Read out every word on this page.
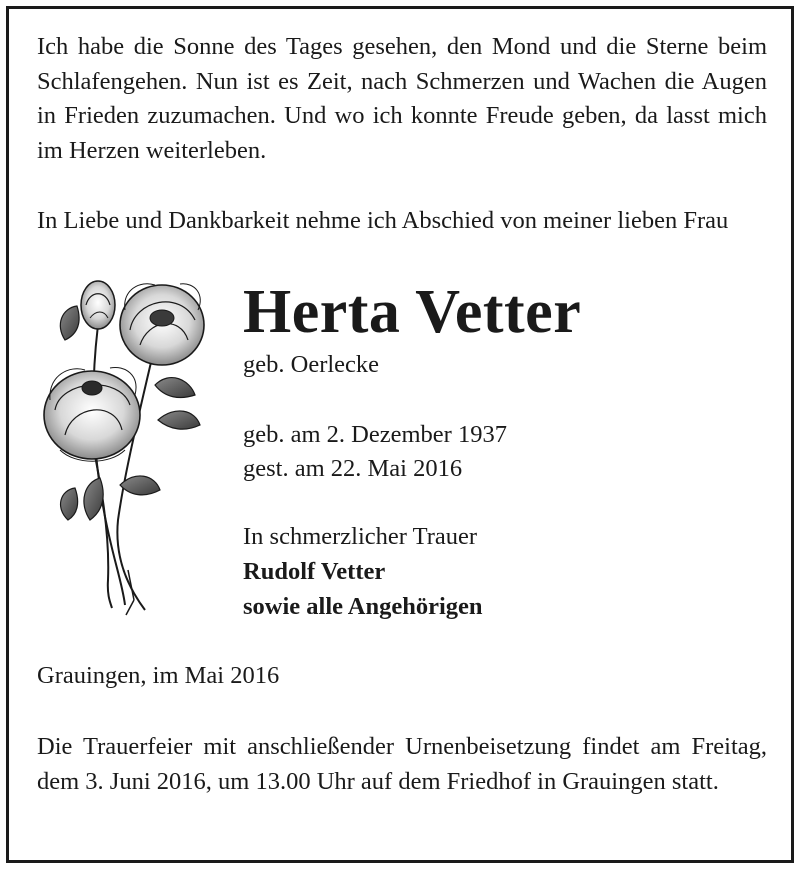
Ich habe die Sonne des Tages gesehen, den Mond und die Sterne beim Schlafengehen. Nun ist es Zeit, nach Schmerzen und Wachen die Augen in Frieden zuzumachen. Und wo ich konnte Freude geben, da lasst mich im Herzen weiterleben.

In Liebe und Dankbarkeit nehme ich Abschied von meiner lieben Frau

Herta Vetter
geb. Oerlecke
geb. am 2. Dezember 1937
gest. am 22. Mai 2016
In schmerzlicher Trauer
Rudolf Vetter
sowie alle Angehörigen

Grauingen, im Mai 2016

Die Trauerfeier mit anschließender Urnenbeisetzung findet am Freitag, dem 3. Juni 2016, um 13.00 Uhr auf dem Friedhof in Grauingen statt.
